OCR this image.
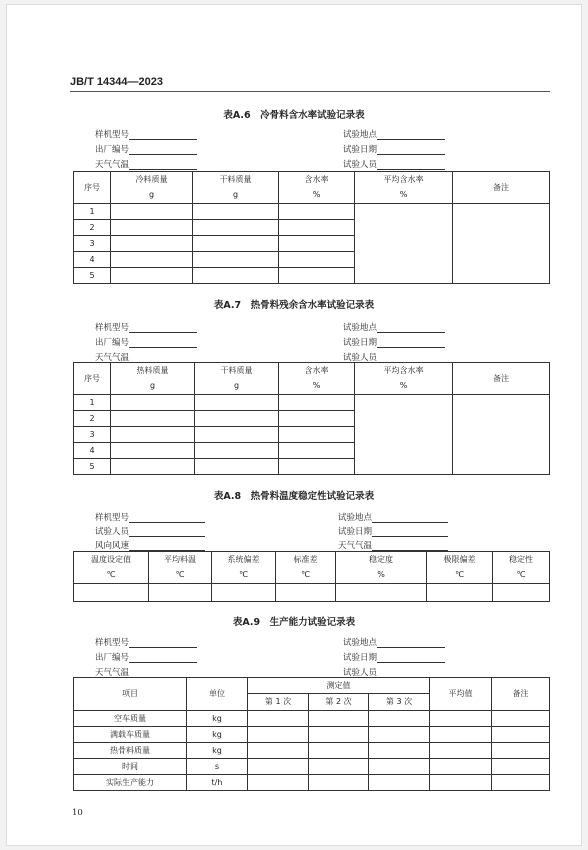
JB/T 14344—2023
表A.6　冷骨料含水率试验记录表
样机型号
出厂编号
天气气温
试验地点
试验日期
试验人员
序号	冷料质量	干料质量	含水率	平均含水率	备注
	g	g	%	%	
1					
2					
3					
4					
5					
表A.7　热骨料残余含水率试验记录表
样机型号
出厂编号
天气气温
试验地点
试验日期
试验人员
序号	热料质量	干料质量	含水率	平均含水率	备注
	g	g	%	%	
1					
2					
3					
4					
5					
表A.8　热骨料温度稳定性试验记录表
样机型号
试验人员
风向风速
试验地点
试验日期
天气气温
温度设定值	平均料温	系统偏差	标准差	稳定度	极限偏差	稳定性
℃	℃	℃	℃	%	℃	℃

表A.9　生产能力试验记录表
样机型号
出厂编号
天气气温
试验地点
试验日期
试验人员
项目	单位	测定值			平均值	备注
		第 1 次	第 2 次	第 3 次		
空车质量	kg					
满载车质量	kg					
热骨料质量	kg					
时间	s					
实际生产能力	t/h					
10
